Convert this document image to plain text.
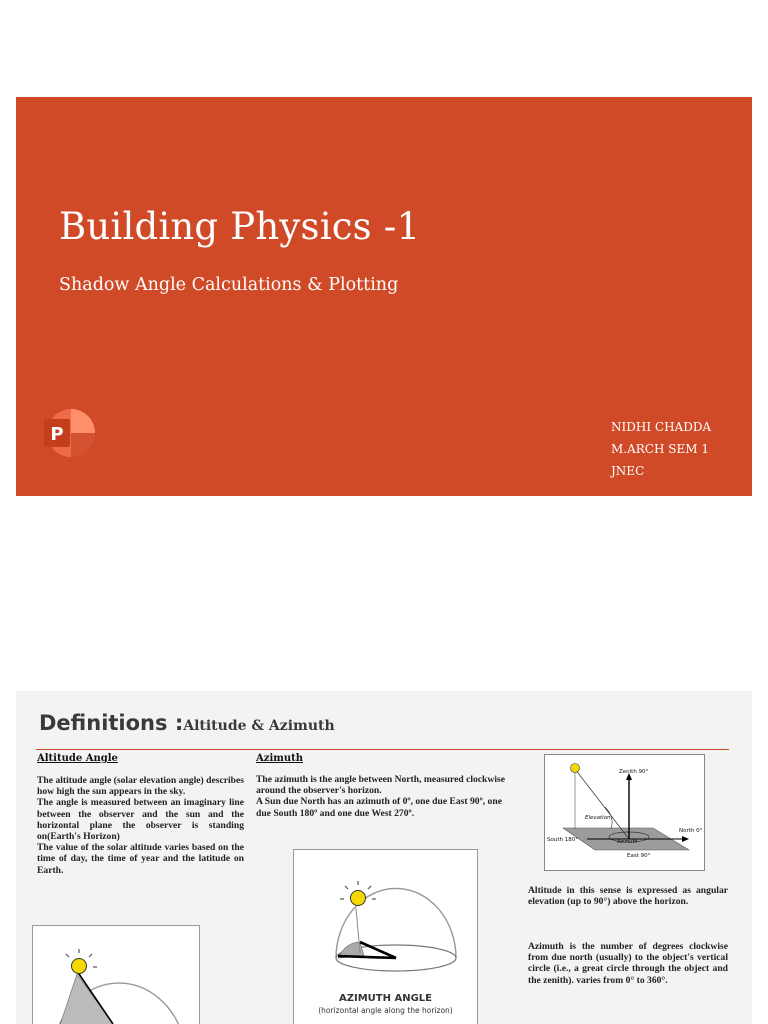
Building Physics -1
Shadow Angle Calculations & Plotting
P	NIDHI CHADDA
M.ARCH SEM 1
JNEC
Definitions :Altitude & Azimuth
Altitude Angle

The altitude angle (solar elevation angle) describes how high the sun appears in the sky.
The angle is measured between an imaginary line between the observer and the sun and the horizontal plane the observer is standing on(Earth's Horizon)
The value of the solar altitude varies based on the time of day, the time of year and the latitude on Earth.

Azimuth

The azimuth is the angle between North, measured clockwise around the observer's horizon.
A Sun due North has an azimuth of 0º, one due East 90º, one due South 180º and one due West 270º.

Zenith 90°
Elevation
Azimuth
North 0°
South 180°
East 90°
AZIMUTH ANGLE
(horizontal angle along the horizon)

Altitude in this sense is expressed as angular elevation (up to 90°) above the horizon.

Azimuth is the number of degrees clockwise from due north (usually) to the object's vertical circle (i.e., a great circle through the object and the zenith). varies from 0° to 360°.
